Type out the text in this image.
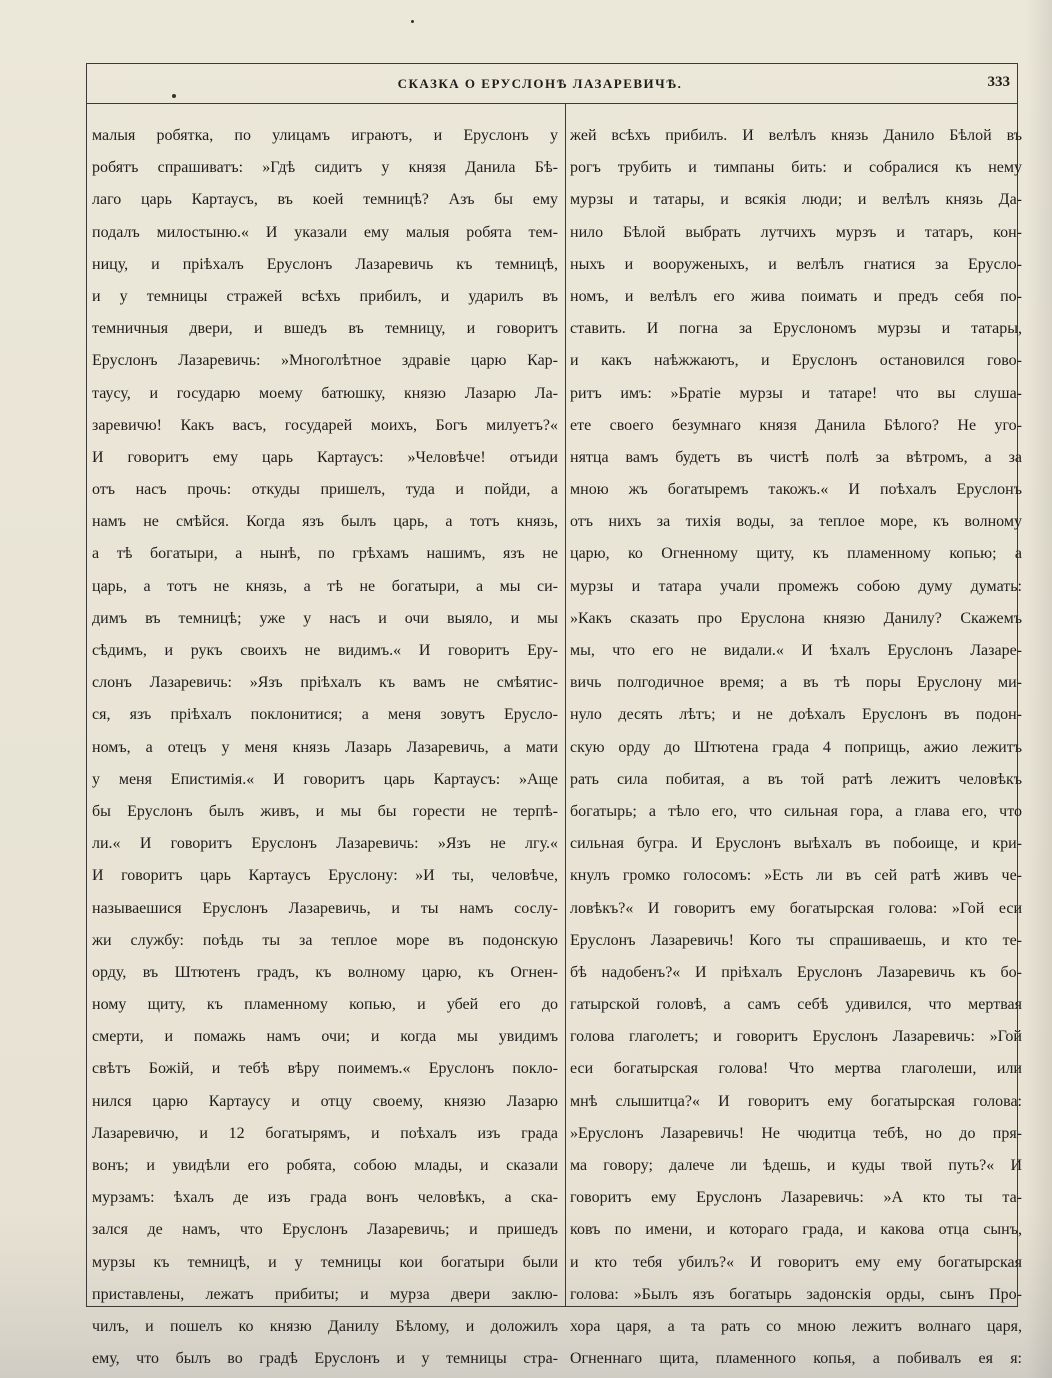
СКАЗКА О ЕРУСЛОНѢ ЛАЗАРЕВИЧѢ.	333
малыя робятка, по улицамъ играютъ, и Еруслонъ у
робятъ спрашиватъ: »Гдѣ сидитъ у князя Данила Бѣ-
лаго царь Картаусъ, въ коей темницѣ? Азъ бы ему
подалъ милостыню.« И указали ему малыя робята тем-
ницу, и пріѣхалъ Еруслонъ Лазаревичь къ темницѣ,
и у темницы стражей всѣхъ прибилъ, и ударилъ въ
темничныя двери, и вшедъ въ темницу, и говоритъ
Еруслонъ Лазаревичь: »Многолѣтное здравіе царю Кар-
таусу, и государю моему батюшку, князю Лазарю Ла-
заревичю! Какъ васъ, государей моихъ, Богъ милуетъ?«
И говоритъ ему царь Картаусъ: »Человѣче! отъиди
отъ насъ прочь: откуды пришелъ, туда и пойди, а
намъ не смѣйся. Когда язъ былъ царь, а тотъ князь,
а тѣ богатыри, а нынѣ, по грѣхамъ нашимъ, язъ не
царь, а тотъ не князь, а тѣ не богатыри, а мы си-
димъ въ темницѣ; уже у насъ и очи выяло, и мы
сѣдимъ, и рукъ своихъ не видимъ.« И говоритъ Еру-
слонъ Лазаревичь: »Язъ пріѣхалъ къ вамъ не смѣятис-
ся, язъ пріѣхалъ поклонитися; а меня зовутъ Еруслo-
номъ, а отецъ у меня князь Лазарь Лазаревичь, а мати
у меня Епистимія.« И говоритъ царь Картаусъ: »Аще
бы Еруслонъ былъ живъ, и мы бы горести не терпѣ-
ли.« И говоритъ Еруслонъ Лазаревичь: »Язъ не лгу.«
И говоритъ царь Картаусъ Еруслону: »И ты, человѣче,
называешися Еруслонъ Лазаревичь, и ты намъ сослу-
жи службу: поѣдь ты за теплое море въ подонскую
орду, въ Штютенъ градъ, къ волному царю, къ Огнен-
ному щиту, къ пламенному копью, и убей его до
смерти, и помажь намъ очи; и когда мы увидимъ
свѣтъ Божій, и тебѣ вѣру поимемъ.« Еруслонъ покло-
нился царю Картаусу и отцу своему, князю Лазарю
Лазаревичю, и 12 богатырямъ, и поѣхалъ изъ града
вонъ; и увидѣли его робята, собою млады, и сказали
мурзамъ: ѣхалъ де изъ града вонъ человѣкъ, а ска-
зался де намъ, что Еруслонъ Лазаревичь; и пришедъ
мурзы къ темницѣ, и у темницы кои богатыри были
приставлены, лежатъ прибиты; и мурза двери заклю-
чилъ, и пошелъ ко князю Данилу Бѣлому, и доложилъ
ему, что былъ во градѣ Еруслонъ и у темницы стра-
жей всѣхъ прибилъ. И велѣлъ князь Данило Бѣлой въ
рогъ трубить и тимпаны бить: и собралися къ нему
мурзы и татары, и всякія люди; и велѣлъ князь Да-
нило Бѣлой выбрать лутчихъ мурзъ и татаръ, кон-
ныхъ и вооруженыхъ, и велѣлъ гнатися за Еруслo-
номъ, и велѣлъ его жива поимать и предъ себя по-
ставить. И погна за Еруслономъ мурзы и татары,
и какъ наѣжжаютъ, и Еруслонъ остановился гово-
ритъ имъ: »Братіе мурзы и татаре! что вы слуша-
ете своего безумнаго князя Данила Бѣлого? Не уго-
нятца вамъ будетъ въ чистѣ полѣ за вѣтромъ, а за
мною жъ богатыремъ такожъ.« И поѣхалъ Еруслонъ
отъ нихъ за тихія воды, за теплое море, къ волному
царю, ко Огненному щиту, къ пламенному копью; а
мурзы и татара учали промежъ собою думу думать:
»Какъ сказать про Еруслона князю Данилу? Скажемъ
мы, что его не видали.« И ѣхалъ Еруслонъ Лазаре-
вичь полгодичное время; а въ тѣ поры Еруслону ми-
нуло десять лѣтъ; и не доѣхалъ Еруслонъ въ подон-
скую орду до Штютена града 4 поприщь, ажио лежитъ
рать сила побитая, а въ той ратѣ лежитъ человѣкъ
богатырь; а тѣло его, что сильная гора, а глава его, что
сильная бугра. И Еруслонъ выѣхалъ въ побоище, и кри-
кнулъ громко голосомъ: »Есть ли въ сей ратѣ живъ че-
ловѣкъ?« И говоритъ ему богатырская голова: »Гой еси
Еруслонъ Лазаревичь! Кого ты спрашиваешь, и кто те-
бѣ надобенъ?« И пріѣхалъ Еруслонъ Лазаревичь къ бо-
гатырской головѣ, а самъ себѣ удивился, что мертвая
голова глаголетъ; и говоритъ Еруслонъ Лазаревичь: »Гой
еси богатырская голова! Что мертва глаголеши, или
мнѣ слышитца?« И говоритъ ему богатырская голова:
»Еруслонъ Лазаревичь! Не чюдитца тебѣ, но до пря-
ма говору; далече ли ѣдешь, и куды твой путь?« И
говоритъ ему Еруслонъ Лазаревичь: »А кто ты та-
ковъ по имени, и котораго града, и какова отца сынъ,
и кто тебя убилъ?« И говоритъ ему ему богатырская
голова: »Былъ язъ богатырь задонскія орды, сынъ Про-
хора царя, а та рать со мною лежитъ волнаго царя,
Огненнаго щита, пламенного копья, а побивалъ ея я:
